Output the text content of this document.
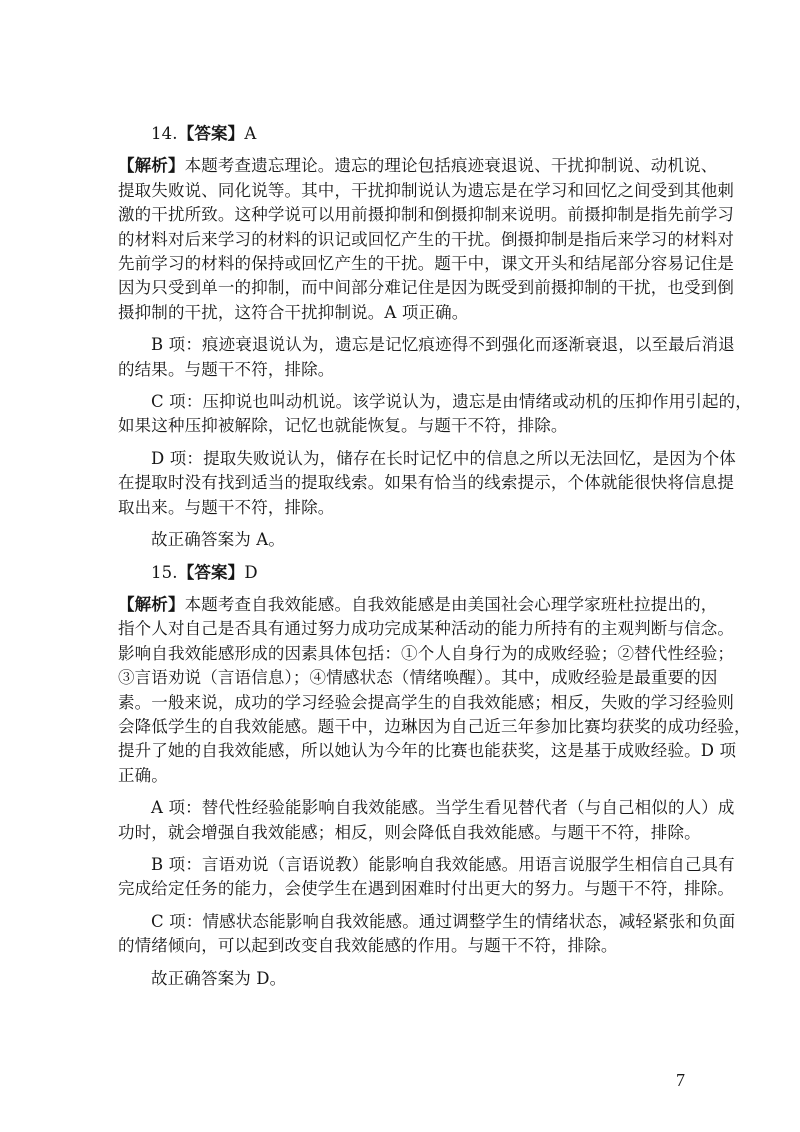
14.【答案】A
【解析】本题考查遗忘理论。遗忘的理论包括痕迹衰退说、干扰抑制说、动机说、
提取失败说、同化说等。其中，干扰抑制说认为遗忘是在学习和回忆之间受到其他刺
激的干扰所致。这种学说可以用前摄抑制和倒摄抑制来说明。前摄抑制是指先前学习
的材料对后来学习的材料的识记或回忆产生的干扰。倒摄抑制是指后来学习的材料对
先前学习的材料的保持或回忆产生的干扰。题干中，课文开头和结尾部分容易记住是
因为只受到单一的抑制，而中间部分难记住是因为既受到前摄抑制的干扰，也受到倒
摄抑制的干扰，这符合干扰抑制说。A 项正确。
B 项：痕迹衰退说认为，遗忘是记忆痕迹得不到强化而逐渐衰退，以至最后消退
的结果。与题干不符，排除。
C 项：压抑说也叫动机说。该学说认为，遗忘是由情绪或动机的压抑作用引起的，
如果这种压抑被解除，记忆也就能恢复。与题干不符，排除。
D 项：提取失败说认为，储存在长时记忆中的信息之所以无法回忆，是因为个体
在提取时没有找到适当的提取线索。如果有恰当的线索提示，个体就能很快将信息提
取出来。与题干不符，排除。
故正确答案为 A。
15.【答案】D
【解析】本题考查自我效能感。自我效能感是由美国社会心理学家班杜拉提出的，
指个人对自己是否具有通过努力成功完成某种活动的能力所持有的主观判断与信念。
影响自我效能感形成的因素具体包括：①个人自身行为的成败经验；②替代性经验；
③言语劝说（言语信息）；④情感状态（情绪唤醒）。其中，成败经验是最重要的因
素。一般来说，成功的学习经验会提高学生的自我效能感；相反，失败的学习经验则
会降低学生的自我效能感。题干中，边琳因为自己近三年参加比赛均获奖的成功经验，
提升了她的自我效能感，所以她认为今年的比赛也能获奖，这是基于成败经验。D 项
正确。
A 项：替代性经验能影响自我效能感。当学生看见替代者（与自己相似的人）成
功时，就会增强自我效能感；相反，则会降低自我效能感。与题干不符，排除。
B 项：言语劝说（言语说教）能影响自我效能感。用语言说服学生相信自己具有
完成给定任务的能力，会使学生在遇到困难时付出更大的努力。与题干不符，排除。
C 项：情感状态能影响自我效能感。通过调整学生的情绪状态，减轻紧张和负面
的情绪倾向，可以起到改变自我效能感的作用。与题干不符，排除。
故正确答案为 D。
7
